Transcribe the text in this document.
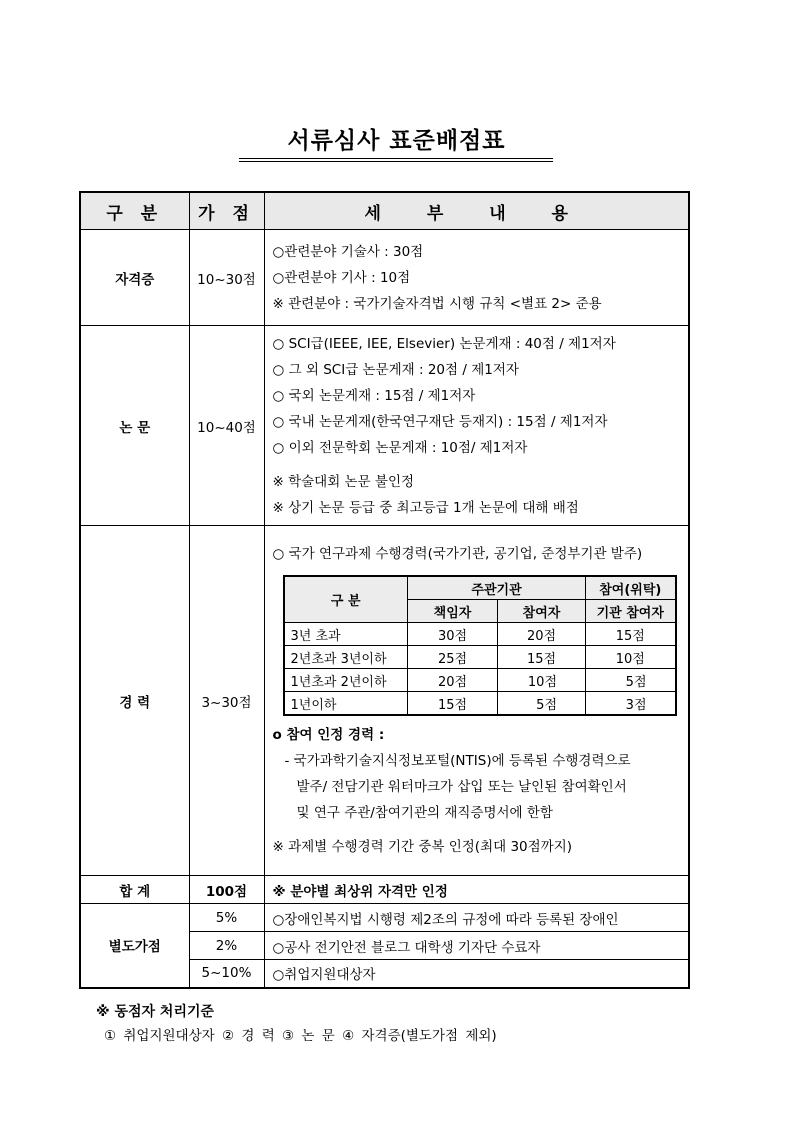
서류심사 표준배점표
구 분	가 점	세 부 내 용
자격증	10~30점	
○관련분야 기술사 : 30점
○관련분야 기사 : 10점
※ 관련분야 : 국가기술자격법 시행 규칙 <별표 2> 준용

논 문	10~40점	
○ SCI급(IEEE, IEE, Elsevier) 논문게재 : 40점 / 제1저자
○ 그 외 SCI급 논문게재 : 20점 / 제1저자
○ 국외 논문게재 : 15점 / 제1저자
○ 국내 논문게재(한국연구재단 등재지) : 15점 / 제1저자
○ 이외 전문학회 논문게재 : 10점/ 제1저자
※ 학술대회 논문 불인정
※ 상기 논문 등급 중 최고등급 1개 논문에 대해 배점

경 력	3~30점	
○ 국가 연구과제 수행경력(국가기관, 공기업, 준정부기관 발주)
구 분	주관기관	참여(위탁)
책임자	참여자	기관 참여자
3년 초과	30점	20점	15점
2년초과 3년이하	25점	15점	10점
1년초과 2년이하	20점	10점	5점
1년이하	15점	5점	3점
o 참여 인정 경력 :
- 국가과학기술지식정보포털(NTIS)에 등록된 수행경력으로
발주/ 전담기관 워터마크가 삽입 또는 날인된 참여확인서
및 연구 주관/참여기관의 재직증명서에 한함
※ 과제별 수행경력 기간 중복 인정(최대 30점까지)

합 계	100점	※ 분야별 최상위 자격만 인정
별도가점	5%	○장애인복지법 시행령 제2조의 규정에 따라 등록된 장애인
2%	○공사 전기안전 블로그 대학생 기자단 수료자
5~10%	○취업지원대상자
※ 동점자 처리기준
① 취업지원대상자 ② 경 력 ③ 논 문 ④ 자격증(별도가점 제외)
